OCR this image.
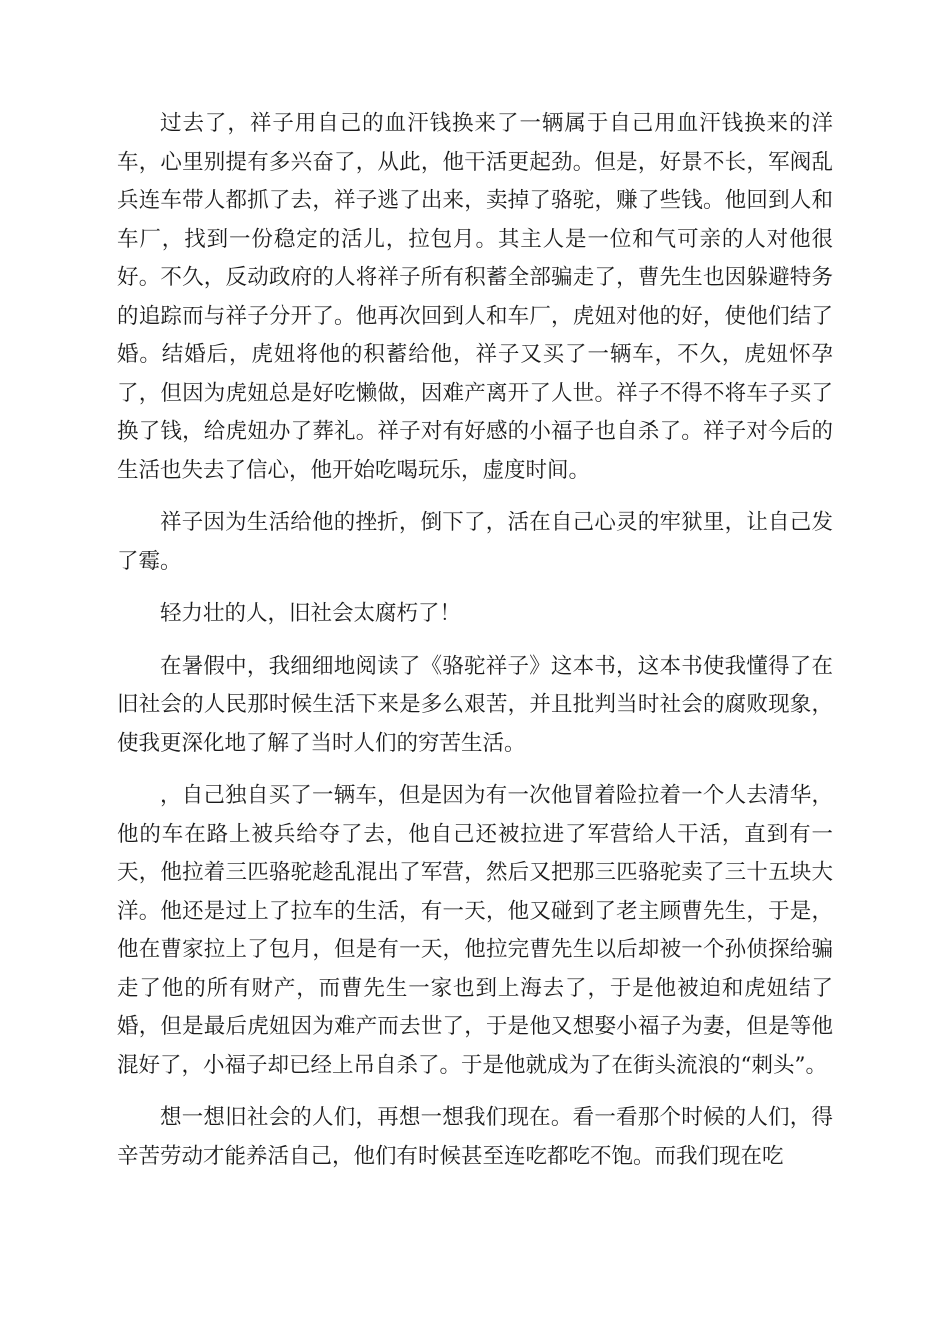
过去了，祥子用自己的血汗钱换来了一辆属于自己用血汗钱换来的洋车，心里别提有多兴奋了，从此，他干活更起劲。但是，好景不长，军阀乱兵连车带人都抓了去，祥子逃了出来，卖掉了骆驼，赚了些钱。他回到人和车厂，找到一份稳定的活儿，拉包月。其主人是一位和气可亲的人对他很好。不久，反动政府的人将祥子所有积蓄全部骗走了，曹先生也因躲避特务的追踪而与祥子分开了。他再次回到人和车厂，虎妞对他的好，使他们结了婚。结婚后，虎妞将他的积蓄给他，祥子又买了一辆车，不久，虎妞怀孕了，但因为虎妞总是好吃懒做，因难产离开了人世。祥子不得不将车子买了换了钱，给虎妞办了葬礼。祥子对有好感的小福子也自杀了。祥子对今后的生活也失去了信心，他开始吃喝玩乐，虚度时间。

祥子因为生活给他的挫折，倒下了，活在自己心灵的牢狱里，让自己发了霉。

轻力壮的人，旧社会太腐朽了！

在暑假中，我细细地阅读了《骆驼祥子》这本书，这本书使我懂得了在旧社会的人民那时候生活下来是多么艰苦，并且批判当时社会的腐败现象，使我更深化地了解了当时人们的穷苦生活。

，自己独自买了一辆车，但是因为有一次他冒着险拉着一个人去清华，他的车在路上被兵给夺了去，他自己还被拉进了军营给人干活，直到有一天，他拉着三匹骆驼趁乱混出了军营，然后又把那三匹骆驼卖了三十五块大洋。他还是过上了拉车的生活，有一天，他又碰到了老主顾曹先生，于是，他在曹家拉上了包月，但是有一天，他拉完曹先生以后却被一个孙侦探给骗走了他的所有财产，而曹先生一家也到上海去了，于是他被迫和虎妞结了婚，但是最后虎妞因为难产而去世了，于是他又想娶小福子为妻，但是等他混好了，小福子却已经上吊自杀了。于是他就成为了在街头流浪的“刺头”。

想一想旧社会的人们，再想一想我们现在。看一看那个时候的人们，得辛苦劳动才能养活自己，他们有时候甚至连吃都吃不饱。而我们现在吃
